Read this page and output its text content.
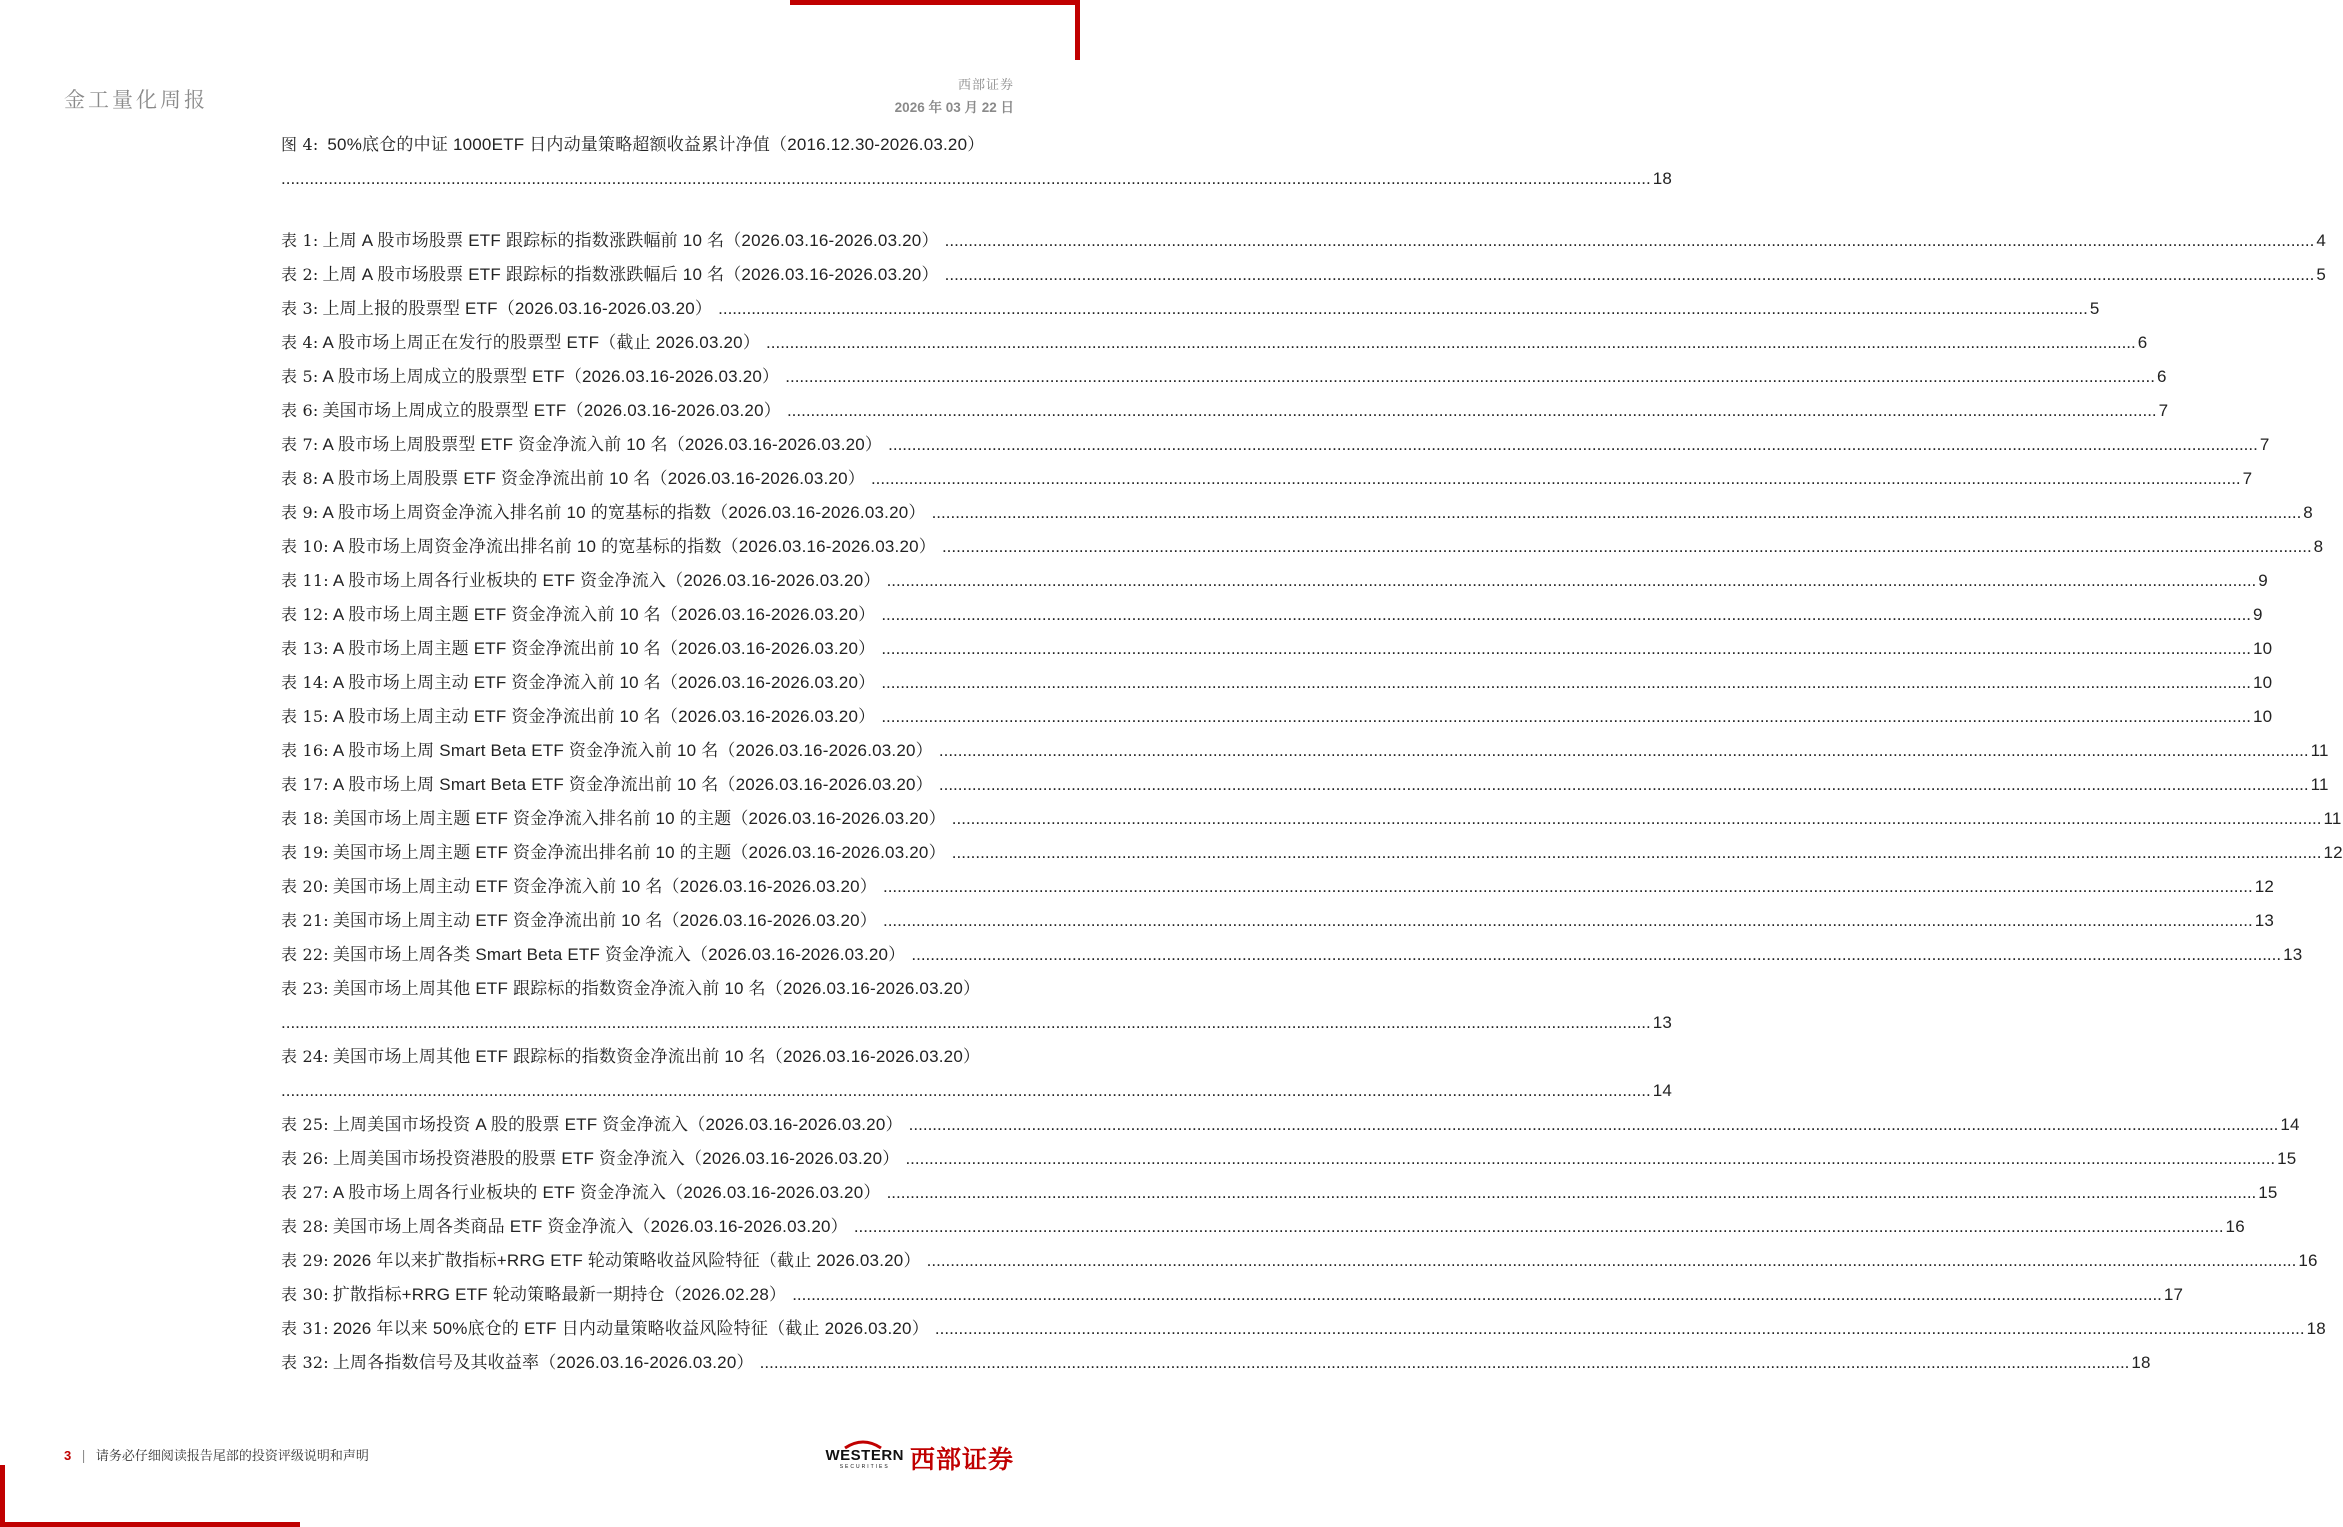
金工量化周报
西部证券
2026 年 03 月 22 日
图 4: 50%底仓的中证 1000ETF 日内动量策略超额收益累计净值（2016.12.30-2026.03.20）
.....
18
表 1: 上周 A 股市场股票 ETF 跟踪标的指数涨跌幅前 10 名（2026.03.16-2026.03.20） .....	4
表 2: 上周 A 股市场股票 ETF 跟踪标的指数涨跌幅后 10 名（2026.03.16-2026.03.20） .....	5
表 3: 上周上报的股票型 ETF（2026.03.16-2026.03.20） .....	5
表 4: A 股市场上周正在发行的股票型 ETF（截止 2026.03.20） .....	6
表 5: A 股市场上周成立的股票型 ETF（2026.03.16-2026.03.20） .....	6
表 6: 美国市场上周成立的股票型 ETF（2026.03.16-2026.03.20） .....	7
表 7: A 股市场上周股票型 ETF 资金净流入前 10 名（2026.03.16-2026.03.20） .....	7
表 8: A 股市场上周股票 ETF 资金净流出前 10 名（2026.03.16-2026.03.20） .....	7
表 9: A 股市场上周资金净流入排名前 10 的宽基标的指数（2026.03.16-2026.03.20） .....	8
表 10: A 股市场上周资金净流出排名前 10 的宽基标的指数（2026.03.16-2026.03.20） .....	8
表 11: A 股市场上周各行业板块的 ETF 资金净流入（2026.03.16-2026.03.20） .....	9
表 12: A 股市场上周主题 ETF 资金净流入前 10 名（2026.03.16-2026.03.20） .....	9
表 13: A 股市场上周主题 ETF 资金净流出前 10 名（2026.03.16-2026.03.20） .....	10
表 14: A 股市场上周主动 ETF 资金净流入前 10 名（2026.03.16-2026.03.20） .....	10
表 15: A 股市场上周主动 ETF 资金净流出前 10 名（2026.03.16-2026.03.20） .....	10
表 16: A 股市场上周 Smart Beta ETF 资金净流入前 10 名（2026.03.16-2026.03.20） .....	11
表 17: A 股市场上周 Smart Beta ETF 资金净流出前 10 名（2026.03.16-2026.03.20） .....	11
表 18: 美国市场上周主题 ETF 资金净流入排名前 10 的主题（2026.03.16-2026.03.20） .....	11
表 19: 美国市场上周主题 ETF 资金净流出排名前 10 的主题（2026.03.16-2026.03.20） .....	12
表 20: 美国市场上周主动 ETF 资金净流入前 10 名（2026.03.16-2026.03.20） .....	12
表 21: 美国市场上周主动 ETF 资金净流出前 10 名（2026.03.16-2026.03.20） .....	13
表 22: 美国市场上周各类 Smart Beta ETF 资金净流入（2026.03.16-2026.03.20） .....	13
表 23: 美国市场上周其他 ETF 跟踪标的指数资金净流入前 10 名（2026.03.16-2026.03.20）
.....
13
表 24: 美国市场上周其他 ETF 跟踪标的指数资金净流出前 10 名（2026.03.16-2026.03.20）
.....
14
表 25: 上周美国市场投资 A 股的股票 ETF 资金净流入（2026.03.16-2026.03.20） .....	14
表 26: 上周美国市场投资港股的股票 ETF 资金净流入（2026.03.16-2026.03.20） .....	15
表 27: A 股市场上周各行业板块的 ETF 资金净流入（2026.03.16-2026.03.20） .....	15
表 28: 美国市场上周各类商品 ETF 资金净流入（2026.03.16-2026.03.20） .....	16
表 29: 2026 年以来扩散指标+RRG ETF 轮动策略收益风险特征（截止 2026.03.20） .....	16
表 30: 扩散指标+RRG ETF 轮动策略最新一期持仓（2026.02.28） .....	17
表 31: 2026 年以来 50%底仓的 ETF 日内动量策略收益风险特征（截止 2026.03.20） .....	18
表 32: 上周各指数信号及其收益率（2026.03.16-2026.03.20） .....	18
3 | 请务必仔细阅读报告尾部的投资评级说明和声明	WESTERN
SECURITIES 西部证券
